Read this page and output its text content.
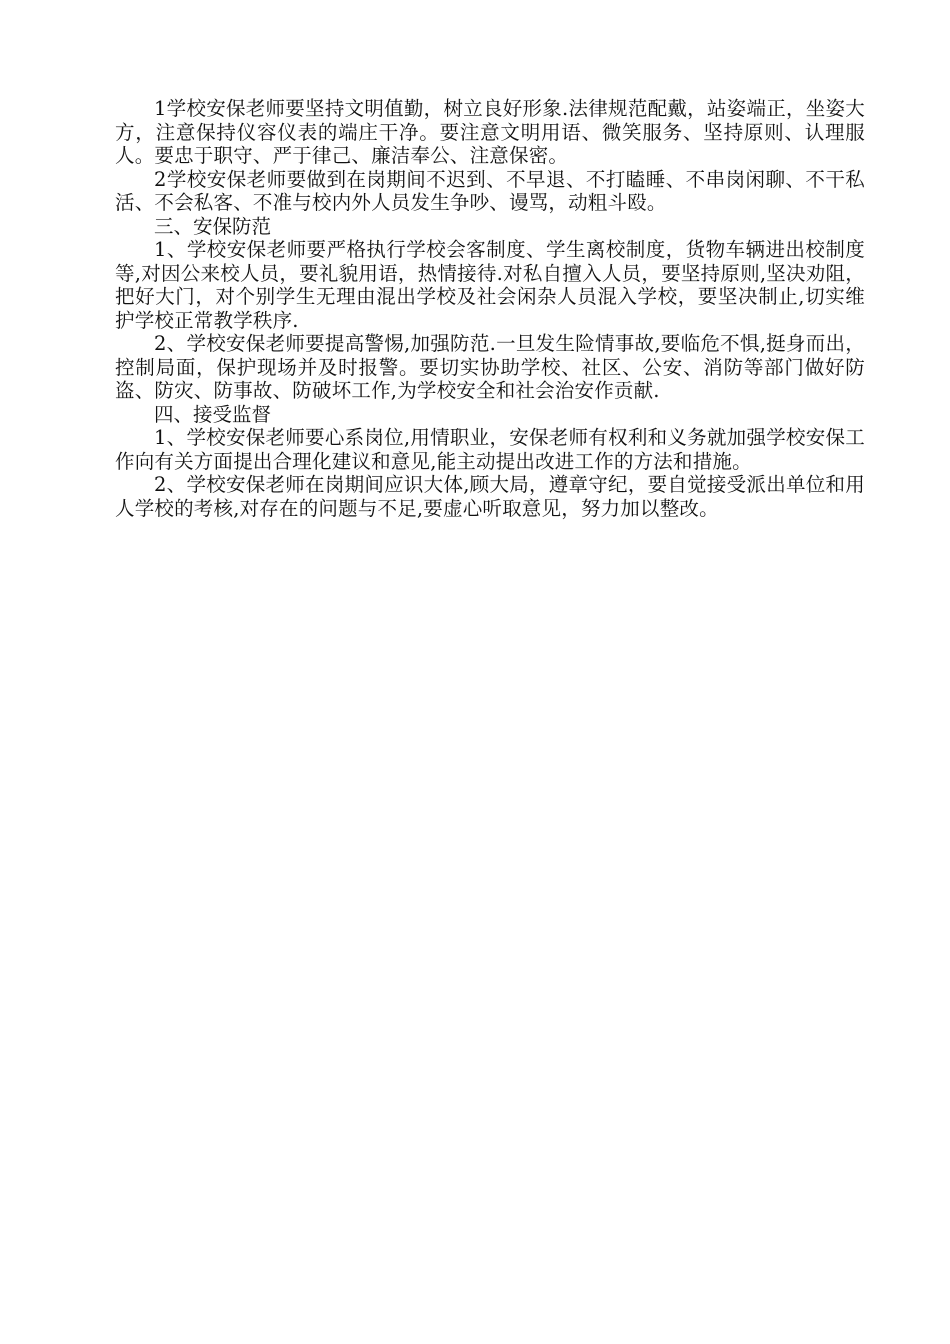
1学校安保老师要坚持文明值勤，树立良好形象.法律规范配戴，站姿端正，坐姿大方，注意保持仪容仪表的端庄干净。要注意文明用语、微笑服务、坚持原则、认理服人。要忠于职守、严于律己、廉洁奉公、注意保密。

2学校安保老师要做到在岗期间不迟到、不早退、不打瞌睡、不串岗闲聊、不干私活、不会私客、不准与校内外人员发生争吵、谩骂，动粗斗殴。

三、安保防范

1、学校安保老师要严格执行学校会客制度、学生离校制度，货物车辆进出校制度等,对因公来校人员，要礼貌用语，热情接待.对私自擅入人员，要坚持原则,坚决劝阻，把好大门，对个别学生无理由混出学校及社会闲杂人员混入学校，要坚决制止,切实维护学校正常教学秩序.

2、学校安保老师要提高警惕,加强防范.一旦发生险情事故,要临危不惧,挺身而出，控制局面，保护现场并及时报警。要切实协助学校、社区、公安、消防等部门做好防盗、防灾、防事故、防破坏工作,为学校安全和社会治安作贡献.

四、接受监督

1、学校安保老师要心系岗位,用情职业，安保老师有权利和义务就加强学校安保工作向有关方面提出合理化建议和意见,能主动提出改进工作的方法和措施。

2、学校安保老师在岗期间应识大体,顾大局，遵章守纪，要自觉接受派出单位和用人学校的考核,对存在的问题与不足,要虚心听取意见，努力加以整改。
